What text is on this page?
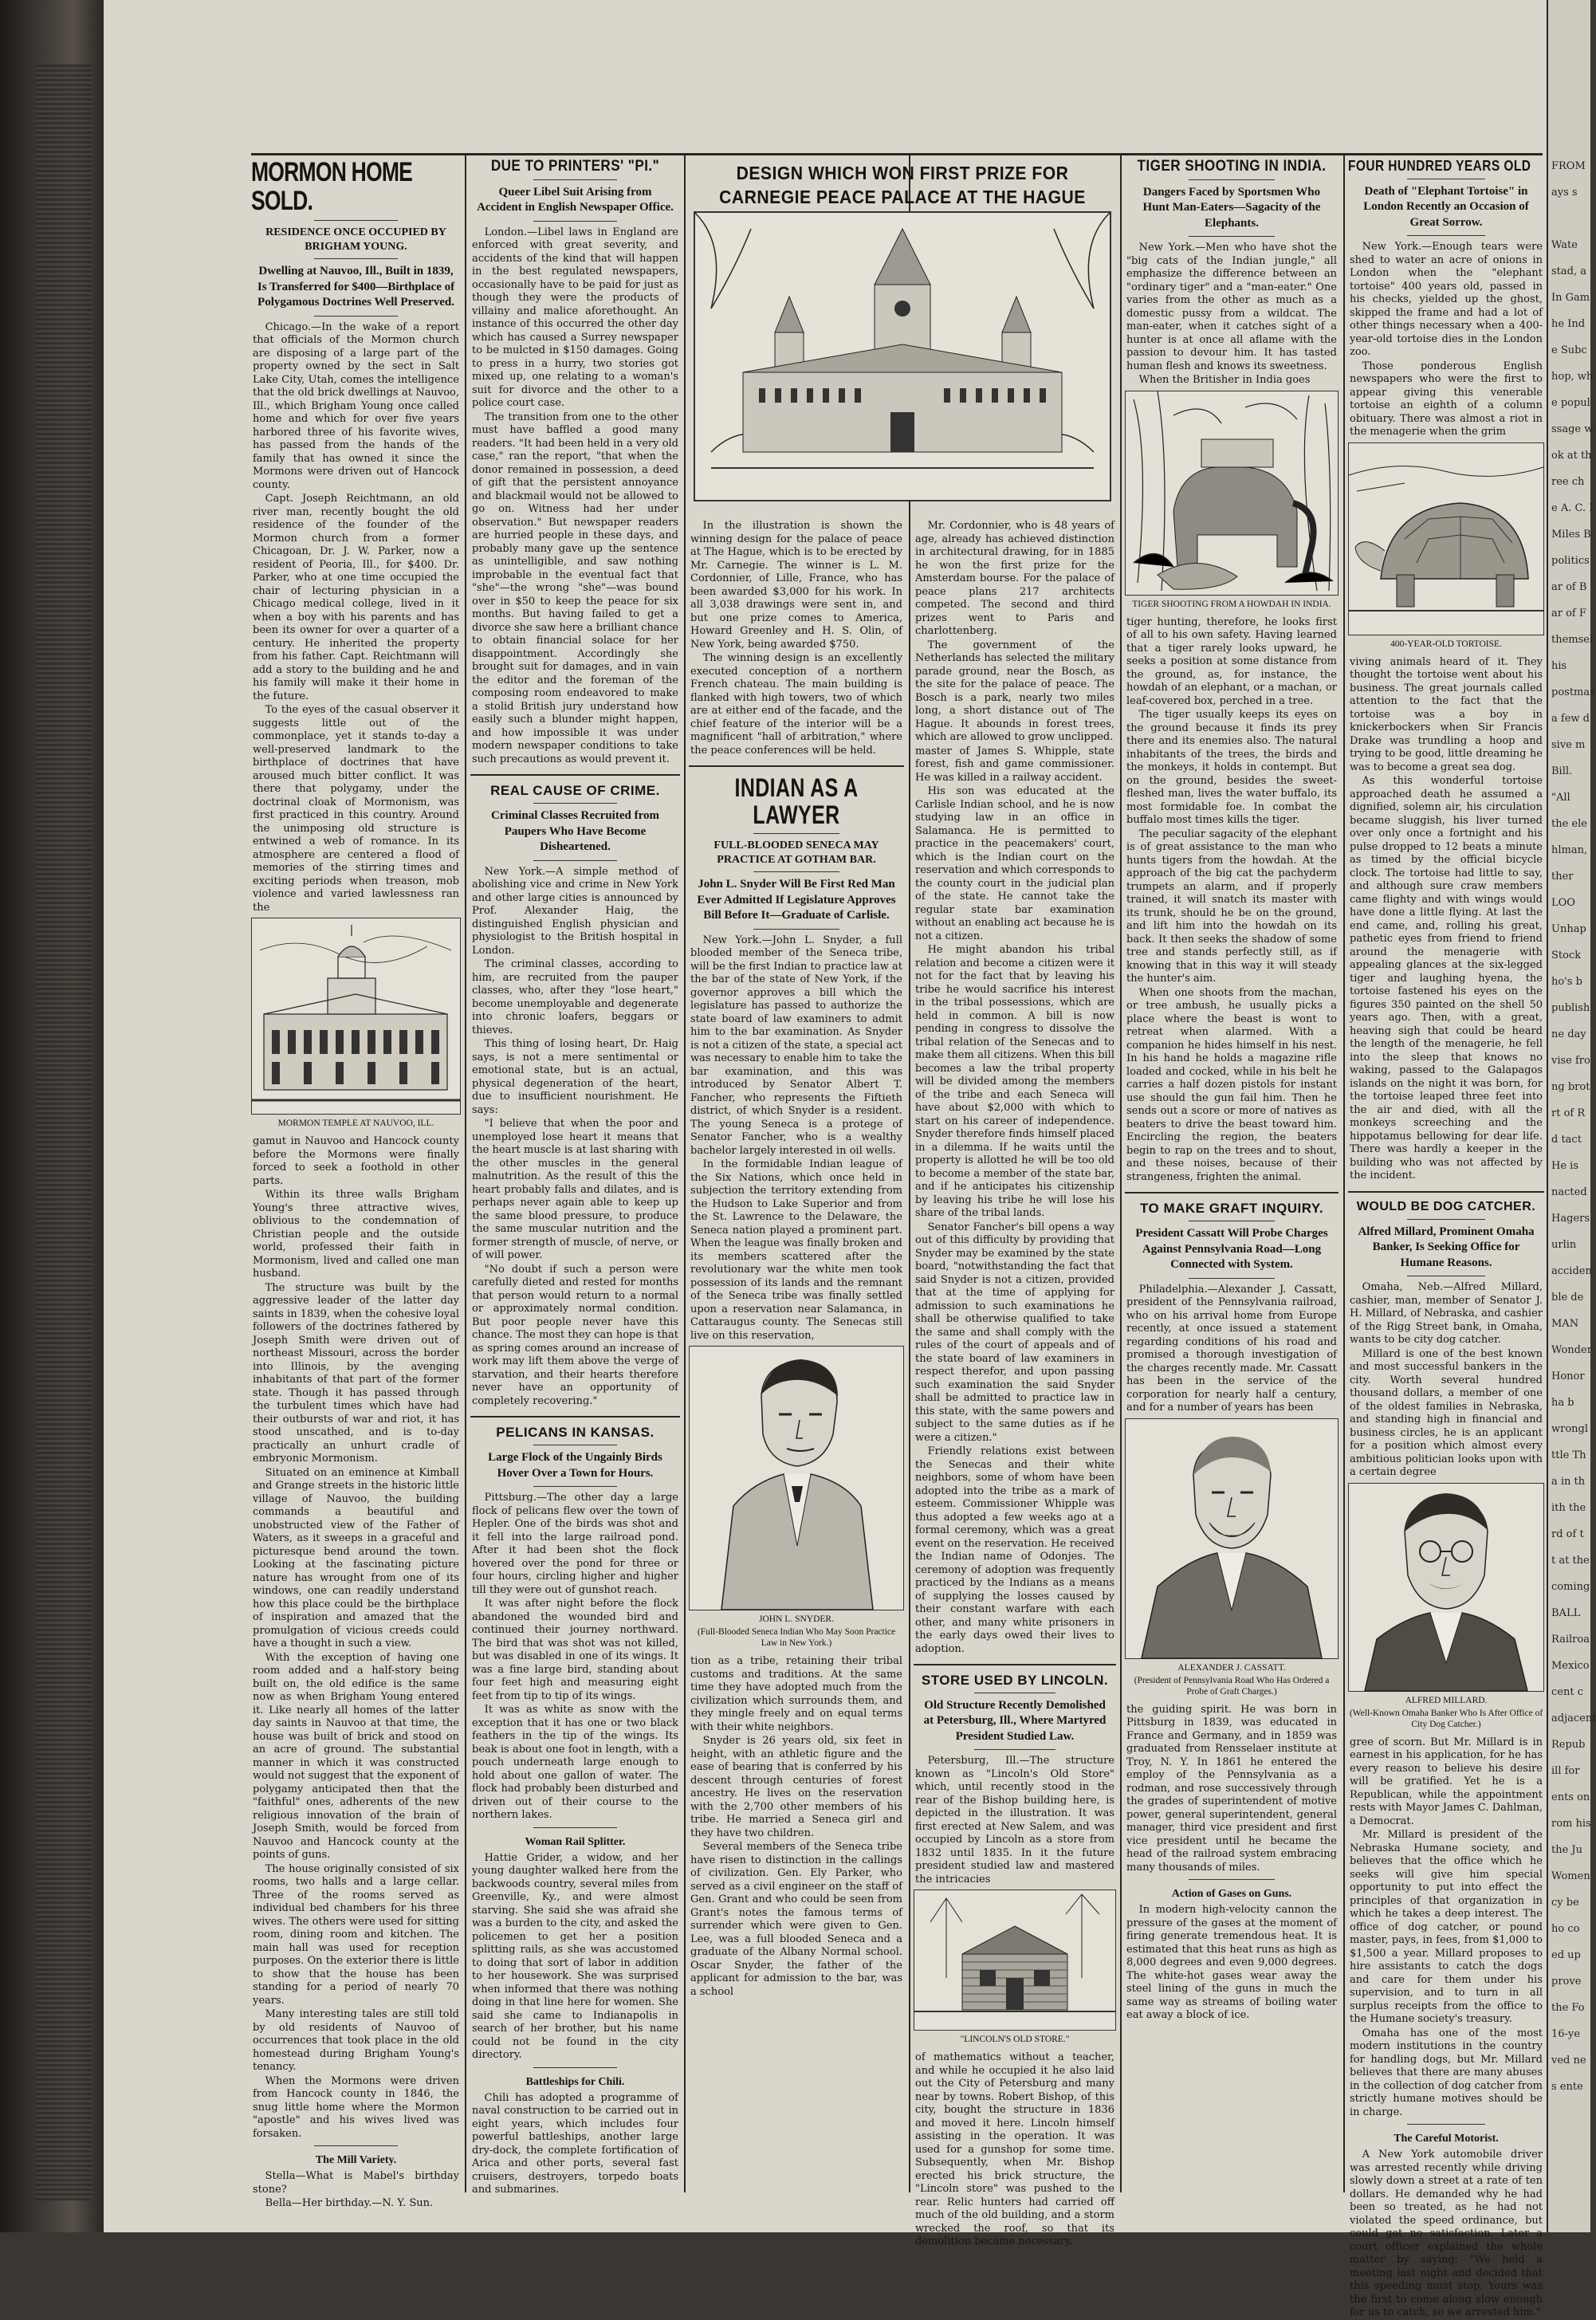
FROM
ays s
Wate
stad, a
In Gam
he Ind
e Subc
hop, wh
e popul
ssage w
ok at th
ree ch
e A. C. I
Miles B
politics
ar of B
ar of F
themsel
his
postmas
a few d
sive m
Bill.
"All
the ele
hlman,
ther
LOO
Unhap
Stock
ho's b
publish
ne day
vise fro
ng brot
rt of R
d tact
He is
nacted
Hagers
urlin
acciden
ble de
MAN
Wonder
Honor
ha b
wrongl
ttle Th
a in th
ith the
rd of t
t at the
coming
BALL
Railroa
Mexico
cent c
adjacent
Repub
ill for
ents on
rom his
the Ju
Women
cy be
ho co
ed up
prove
the Fo
16-ye
ved ne
s ente
MORMON HOME SOLD.
RESIDENCE ONCE OCCUPIED BY BRIGHAM YOUNG.
Dwelling at Nauvoo, Ill., Built in 1839, Is Transferred for $400—Birthplace of Polygamous Doctrines Well Preserved.

Chicago.—In the wake of a report that officials of the Mormon church are disposing of a large part of the property owned by the sect in Salt Lake City, Utah, comes the intelligence that the old brick dwellings at Nauvoo, Ill., which Brigham Young once called home and which for over five years harbored three of his favorite wives, has passed from the hands of the family that has owned it since the Mormons were driven out of Hancock county.

Capt. Joseph Reichtmann, an old river man, recently bought the old residence of the founder of the Mormon church from a former Chicagoan, Dr. J. W. Parker, now a resident of Peoria, Ill., for $400. Dr. Parker, who at one time occupied the chair of lecturing physician in a Chicago medical college, lived in it when a boy with his parents and has been its owner for over a quarter of a century. He inherited the property from his father. Capt. Reichtmann will add a story to the building and he and his family will make it their home in the future.

To the eyes of the casual observer it suggests little out of the commonplace, yet it stands to-day a well-preserved landmark to the birthplace of doctrines that have aroused much bitter conflict. It was there that polygamy, under the doctrinal cloak of Mormonism, was first practiced in this country. Around the unimposing old structure is entwined a web of romance. In its atmosphere are centered a flood of memories of the stirring times and exciting periods when treason, mob violence and varied lawlessness ran the

MORMON TEMPLE AT NAUVOO, ILL.

gamut in Nauvoo and Hancock county before the Mormons were finally forced to seek a foothold in other parts.

Within its three walls Brigham Young's three attractive wives, oblivious to the condemnation of Christian people and the outside world, professed their faith in Mormonism, lived and called one man husband.

The structure was built by the aggressive leader of the latter day saints in 1839, when the cohesive loyal followers of the doctrines fathered by Joseph Smith were driven out of northeast Missouri, across the border into Illinois, by the avenging inhabitants of that part of the former state. Though it has passed through the turbulent times which have had their outbursts of war and riot, it has stood unscathed, and is to-day practically an unhurt cradle of embryonic Mormonism.

Situated on an eminence at Kimball and Grange streets in the historic little village of Nauvoo, the building commands a beautiful and unobstructed view of the Father of Waters, as it sweeps in a graceful and picturesque bend around the town. Looking at the fascinating picture nature has wrought from one of its windows, one can readily understand how this place could be the birthplace of inspiration and amazed that the promulgation of vicious creeds could have a thought in such a view.

With the exception of having one room added and a half-story being built on, the old edifice is the same now as when Brigham Young entered it. Like nearly all homes of the latter day saints in Nauvoo at that time, the house was built of brick and stood on an acre of ground. The substantial manner in which it was constructed would not suggest that the exponent of polygamy anticipated then that the "faithful" ones, adherents of the new religious innovation of the brain of Joseph Smith, would be forced from Nauvoo and Hancock county at the points of guns.

The house originally consisted of six rooms, two halls and a large cellar. Three of the rooms served as individual bed chambers for his three wives. The others were used for sitting room, dining room and kitchen. The main hall was used for reception purposes. On the exterior there is little to show that the house has been standing for a period of nearly 70 years.

Many interesting tales are still told by old residents of Nauvoo of occurrences that took place in the old homestead during Brigham Young's tenancy.

When the Mormons were driven from Hancock county in 1846, the snug little home where the Mormon "apostle" and his wives lived was forsaken.

The Mill Variety.

Stella—What is Mabel's birthday stone?

Bella—Her birthday.—N. Y. Sun.

DUE TO PRINTERS' "PI."
Queer Libel Suit Arising from Accident in English Newspaper Office.

London.—Libel laws in England are enforced with great severity, and accidents of the kind that will happen in the best regulated newspapers, occasionally have to be paid for just as though they were the products of villainy and malice aforethought. An instance of this occurred the other day which has caused a Surrey newspaper to be mulcted in $150 damages. Going to press in a hurry, two stories got mixed up, one relating to a woman's suit for divorce and the other to a police court case.

The transition from one to the other must have baffled a good many readers. "It had been held in a very old case," ran the report, "that when the donor remained in possession, a deed of gift that the persistent annoyance and blackmail would not be allowed to go on. Witness had her under observation." But newspaper readers are hurried people in these days, and probably many gave up the sentence as unintelligible, and saw nothing improbable in the eventual fact that "she"—the wrong "she"—was bound over in $50 to keep the peace for six months. But having failed to get a divorce she saw here a brilliant chance to obtain financial solace for her disappointment. Accordingly she brought suit for damages, and in vain the editor and the foreman of the composing room endeavored to make a stolid British jury understand how easily such a blunder might happen, and how impossible it was under modern newspaper conditions to take such precautions as would prevent it.

REAL CAUSE OF CRIME.
Criminal Classes Recruited from Paupers Who Have Become Disheartened.

New York.—A simple method of abolishing vice and crime in New York and other large cities is announced by Prof. Alexander Haig, the distinguished English physician and physiologist to the British hospital in London.

The criminal classes, according to him, are recruited from the pauper classes, who, after they "lose heart," become unemployable and degenerate into chronic loafers, beggars or thieves.

This thing of losing heart, Dr. Haig says, is not a mere sentimental or emotional state, but is an actual, physical degeneration of the heart, due to insufficient nourishment. He says:

"I believe that when the poor and unemployed lose heart it means that the heart muscle is at last sharing with the other muscles in the general malnutrition. As the result of this the heart probably falls and dilates, and is perhaps never again able to keep up the same blood pressure, to produce the same muscular nutrition and the former strength of muscle, of nerve, or of will power.

"No doubt if such a person were carefully dieted and rested for months that person would return to a normal or approximately normal condition. But poor people never have this chance. The most they can hope is that as spring comes around an increase of work may lift them above the verge of starvation, and their hearts therefore never have an opportunity of completely recovering."

PELICANS IN KANSAS.
Large Flock of the Ungainly Birds Hover Over a Town for Hours.

Pittsburg.—The other day a large flock of pelicans flew over the town of Hepler. One of the birds was shot and it fell into the large railroad pond. After it had been shot the flock hovered over the pond for three or four hours, circling higher and higher till they were out of gunshot reach.

It was after night before the flock abandoned the wounded bird and continued their journey northward. The bird that was shot was not killed, but was disabled in one of its wings. It was a fine large bird, standing about four feet high and measuring eight feet from tip to tip of its wings.

It was as white as snow with the exception that it has one or two black feathers in the tip of the wings. Its beak is about one foot in length, with a pouch underneath large enough to hold about one gallon of water. The flock had probably been disturbed and driven out of their course to the northern lakes.

Woman Rail Splitter.

Hattie Grider, a widow, and her young daughter walked here from the backwoods country, several miles from Greenville, Ky., and were almost starving. She said she was afraid she was a burden to the city, and asked the policemen to get her a position splitting rails, as she was accustomed to doing that sort of labor in addition to her housework. She was surprised when informed that there was nothing doing in that line here for women. She said she came to Indianapolis in search of her brother, but his name could not be found in the city directory.

Battleships for Chili.

Chili has adopted a programme of naval construction to be carried out in eight years, which includes four powerful battleships, another large dry-dock, the complete fortification of Arica and other ports, several fast cruisers, destroyers, torpedo boats and submarines.

DESIGN WHICH WON FIRST PRIZE FOR
CARNEGIE PEACE PALACE AT THE HAGUE

In the illustration is shown the winning design for the palace of peace at The Hague, which is to be erected by Mr. Carnegie. The winner is L. M. Cordonnier, of Lille, France, who has been awarded $3,000 for his work. In all 3,038 drawings were sent in, and but one prize comes to America, Howard Greenley and H. S. Olin, of New York, being awarded $750.

The winning design is an excellently executed conception of a northern French chateau. The main building is flanked with high towers, two of which are at either end of the facade, and the chief feature of the interior will be a magnificent "hall of arbitration," where the peace conferences will be held.

INDIAN AS A LAWYER
FULL-BLOODED SENECA MAY PRACTICE AT GOTHAM BAR.
John L. Snyder Will Be First Red Man Ever Admitted If Legislature Approves Bill Before It—Graduate of Carlisle.

New York.—John L. Snyder, a full blooded member of the Seneca tribe, will be the first Indian to practice law at the bar of the state of New York, if the governor approves a bill which the legislature has passed to authorize the state board of law examiners to admit him to the bar examination. As Snyder is not a citizen of the state, a special act was necessary to enable him to take the bar examination, and this was introduced by Senator Albert T. Fancher, who represents the Fiftieth district, of which Snyder is a resident. The young Seneca is a protege of Senator Fancher, who is a wealthy bachelor largely interested in oil wells.

In the formidable Indian league of the Six Nations, which once held in subjection the territory extending from the Hudson to Lake Superior and from the St. Lawrence to the Delaware, the Seneca nation played a prominent part. When the league was finally broken and its members scattered after the revolutionary war the white men took possession of its lands and the remnant of the Seneca tribe was finally settled upon a reservation near Salamanca, in Cattaraugus county. The Senecas still live on this reservation,

JOHN L. SNYDER.
(Full-Blooded Seneca Indian Who May Soon Practice Law in New York.)

tion as a tribe, retaining their tribal customs and traditions. At the same time they have adopted much from the civilization which surrounds them, and they mingle freely and on equal terms with their white neighbors.

Snyder is 26 years old, six feet in height, with an athletic figure and the ease of bearing that is conferred by his descent through centuries of forest ancestry. He lives on the reservation with the 2,700 other members of his tribe. He married a Seneca girl and they have two children.

Several members of the Seneca tribe have risen to distinction in the callings of civilization. Gen. Ely Parker, who served as a civil engineer on the staff of Gen. Grant and who could be seen from Grant's notes the famous terms of surrender which were given to Gen. Lee, was a full blooded Seneca and a graduate of the Albany Normal school. Oscar Snyder, the father of the applicant for admission to the bar, was a school

Mr. Cordonnier, who is 48 years of age, already has achieved distinction in architectural drawing, for in 1885 he won the first prize for the Amsterdam bourse. For the palace of peace plans 217 architects competed. The second and third prizes went to Paris and charlottenberg.

The government of the Netherlands has selected the military parade ground, near the Bosch, as the site for the palace of peace. The Bosch is a park, nearly two miles long, a short distance out of The Hague. It abounds in forest trees, which are allowed to grow unclipped.

master of James S. Whipple, state forest, fish and game commissioner. He was killed in a railway accident.

His son was educated at the Carlisle Indian school, and he is now studying law in an office in Salamanca. He is permitted to practice in the peacemakers' court, which is the Indian court on the reservation and which corresponds to the county court in the judicial plan of the state. He cannot take the regular state bar examination without an enabling act because he is not a citizen.

He might abandon his tribal relation and become a citizen were it not for the fact that by leaving his tribe he would sacrifice his interest in the tribal possessions, which are held in common. A bill is now pending in congress to dissolve the tribal relation of the Senecas and to make them all citizens. When this bill becomes a law the tribal property will be divided among the members of the tribe and each Seneca will have about $2,000 with which to start on his career of independence. Snyder therefore finds himself placed in a dilemma. If he waits until the property is allotted he will be too old to become a member of the state bar, and if he anticipates his citizenship by leaving his tribe he will lose his share of the tribal lands.

Senator Fancher's bill opens a way out of this difficulty by providing that Snyder may be examined by the state board, "notwithstanding the fact that said Snyder is not a citizen, provided that at the time of applying for admission to such examinations he shall be otherwise qualified to take the same and shall comply with the rules of the court of appeals and of the state board of law examiners in respect therefor, and upon passing such examination the said Snyder shall be admitted to practice law in this state, with the same powers and subject to the same duties as if he were a citizen."

Friendly relations exist between the Senecas and their white neighbors, some of whom have been adopted into the tribe as a mark of esteem. Commissioner Whipple was thus adopted a few weeks ago at a formal ceremony, which was a great event on the reservation. He received the Indian name of Odonjes. The ceremony of adoption was frequently practiced by the Indians as a means of supplying the losses caused by their constant warfare with each other, and many white prisoners in the early days owed their lives to adoption.

STORE USED BY LINCOLN.
Old Structure Recently Demolished at Petersburg, Ill., Where Martyred President Studied Law.

Petersburg, Ill.—The structure known as "Lincoln's Old Store" which, until recently stood in the rear of the Bishop building here, is depicted in the illustration. It was first erected at New Salem, and was occupied by Lincoln as a store from 1832 until 1835. In it the future president studied law and mastered the intricacies

"LINCOLN'S OLD STORE."

of mathematics without a teacher, and while he occupied it he also laid out the City of Petersburg and many near by towns. Robert Bishop, of this city, bought the structure in 1836 and moved it here. Lincoln himself assisting in the operation. It was used for a gunshop for some time. Subsequently, when Mr. Bishop erected his brick structure, the "Lincoln store" was pushed to the rear. Relic hunters had carried off much of the old building, and a storm wrecked the roof, so that its demolition became necessary.

TIGER SHOOTING IN INDIA.
Dangers Faced by Sportsmen Who Hunt Man-Eaters—Sagacity of the Elephants.

New York.—Men who have shot the "big cats of the Indian jungle," all emphasize the difference between an "ordinary tiger" and a "man-eater." One varies from the other as much as a domestic pussy from a wildcat. The man-eater, when it catches sight of a hunter is at once all aflame with the passion to devour him. It has tasted human flesh and knows its sweetness.

When the Britisher in India goes

TIGER SHOOTING FROM A HOWDAH IN INDIA.

tiger hunting, therefore, he looks first of all to his own safety. Having learned that a tiger rarely looks upward, he seeks a position at some distance from the ground, as, for instance, the howdah of an elephant, or a machan, or leaf-covered box, perched in a tree.

The tiger usually keeps its eyes on the ground because it finds its prey there and its enemies also. The natural inhabitants of the trees, the birds and the monkeys, it holds in contempt. But on the ground, besides the sweet-fleshed man, lives the water buffalo, its most formidable foe. In combat the buffalo most times kills the tiger.

The peculiar sagacity of the elephant is of great assistance to the man who hunts tigers from the howdah. At the approach of the big cat the pachyderm trumpets an alarm, and if properly trained, it will snatch its master with its trunk, should he be on the ground, and lift him into the howdah on its back. It then seeks the shadow of some tree and stands perfectly still, as if knowing that in this way it will steady the hunter's aim.

When one shoots from the machan, or tree ambush, he usually picks a place where the beast is wont to retreat when alarmed. With a companion he hides himself in his nest. In his hand he holds a magazine rifle loaded and cocked, while in his belt he carries a half dozen pistols for instant use should the gun fail him. Then he sends out a score or more of natives as beaters to drive the beast toward him. Encircling the region, the beaters begin to rap on the trees and to shout, and these noises, because of their strangeness, frighten the animal.

TO MAKE GRAFT INQUIRY.
President Cassatt Will Probe Charges Against Pennsylvania Road—Long Connected with System.

Philadelphia.—Alexander J. Cassatt, president of the Pennsylvania railroad, who on his arrival home from Europe recently, at once issued a statement regarding conditions of his road and promised a thorough investigation of the charges recently made. Mr. Cassatt has been in the service of the corporation for nearly half a century, and for a number of years has been

ALEXANDER J. CASSATT.
(President of Pennsylvania Road Who Has Ordered a Probe of Graft Charges.)

the guiding spirit. He was born in Pittsburg in 1839, was educated in France and Germany, and in 1859 was graduated from Rensselaer institute at Troy, N. Y. In 1861 he entered the employ of the Pennsylvania as a rodman, and rose successively through the grades of superintendent of motive power, general superintendent, general manager, third vice president and first vice president until he became the head of the railroad system embracing many thousands of miles.

Action of Gases on Guns.

In modern high-velocity cannon the pressure of the gases at the moment of firing generate tremendous heat. It is estimated that this heat runs as high as 8,000 degrees and even 9,000 degrees. The white-hot gases wear away the steel lining of the guns in much the same way as streams of boiling water eat away a block of ice.

FOUR HUNDRED YEARS OLD
Death of "Elephant Tortoise" in London Recently an Occasion of Great Sorrow.

New York.—Enough tears were shed to water an acre of onions in London when the "elephant tortoise" 400 years old, passed in his checks, yielded up the ghost, skipped the frame and had a lot of other things necessary when a 400-year-old tortoise dies in the London zoo.

Those ponderous English newspapers who were the first to appear giving this venerable tortoise an eighth of a column obituary. There was almost a riot in the menagerie when the grim

400-YEAR-OLD TORTOISE.

viving animals heard of it. They thought the tortoise went about his business. The great journals called attention to the fact that the tortoise was a boy in knickerbockers when Sir Francis Drake was trundling a hoop and trying to be good, little dreaming he was to become a great sea dog.

As this wonderful tortoise approached death he assumed a dignified, solemn air, his circulation became sluggish, his liver turned over only once a fortnight and his pulse dropped to 12 beats a minute as timed by the official bicycle clock. The tortoise had little to say, and although sure craw members came flighty and with wings would have done a little flying. At last the end came, and, rolling his great, pathetic eyes from friend to friend around the menagerie with appealing glances at the six-legged tiger and laughing hyena, the tortoise fastened his eyes on the figures 350 painted on the shell 50 years ago. Then, with a great, heaving sigh that could be heard the length of the menagerie, he fell into the sleep that knows no waking, passed to the Galapagos islands on the night it was born, for the tortoise leaped three feet into the air and died, with all the monkeys screeching and the hippotamus bellowing for dear life. There was hardly a keeper in the building who was not affected by the incident.

WOULD BE DOG CATCHER.
Alfred Millard, Prominent Omaha Banker, Is Seeking Office for Humane Reasons.

Omaha, Neb.—Alfred Millard, cashier, man, member of Senator J. H. Millard, of Nebraska, and cashier of the Rigg Street bank, in Omaha, wants to be city dog catcher.

Millard is one of the best known and most successful bankers in the city. Worth several hundred thousand dollars, a member of one of the oldest families in Nebraska, and standing high in financial and business circles, he is an applicant for a position which almost every ambitious politician looks upon with a certain degree

ALFRED MILLARD.
(Well-Known Omaha Banker Who Is After Office of City Dog Catcher.)

gree of scorn. But Mr. Millard is in earnest in his application, for he has every reason to believe his desire will be gratified. Yet he is a Republican, while the appointment rests with Mayor James C. Dahlman, a Democrat.

Mr. Millard is president of the Nebraska Humane society, and believes that the office which he seeks will give him special opportunity to put into effect the principles of that organization in which he takes a deep interest. The office of dog catcher, or pound master, pays, in fees, from $1,000 to $1,500 a year. Millard proposes to hire assistants to catch the dogs and care for them under his supervision, and to turn in all surplus receipts from the office to the Humane society's treasury.

Omaha has one of the most modern institutions in the country for handling dogs, but Mr. Millard believes that there are many abuses in the collection of dog catcher from strictly humane motives should be in charge.

The Careful Motorist.

A New York automobile driver was arrested recently while driving slowly down a street at a rate of ten dollars. He demanded why he had been so treated, as he had not violated the speed ordinance, but could get no satisfaction. Later a court officer explained the whole matter by saying: "We held a meeting last night and decided that this speeding must stop. Yours was the first to come along slow enough for us to catch, so we arrested him."
